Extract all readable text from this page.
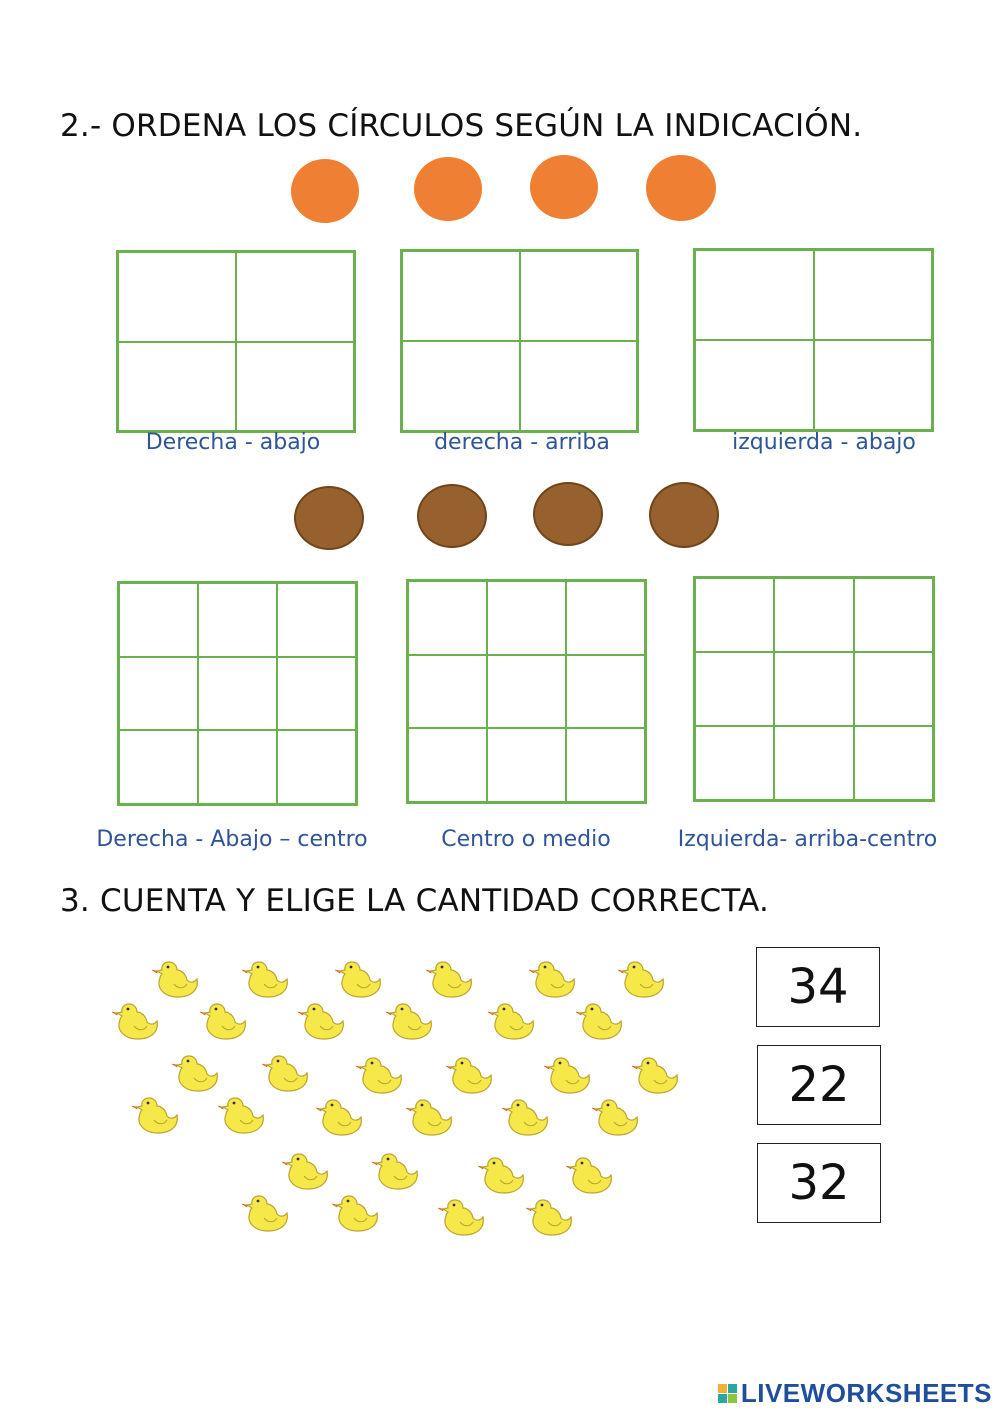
2.- ORDENA LOS CÍRCULOS SEGÚN LA INDICACIÓN.
Derecha - abajo	derecha - arriba	izquierda - abajo
Derecha - Abajo – centro	Centro o medio	Izquierda- arriba-centro
3. CUENTA Y ELIGE LA CANTIDAD CORRECTA.
34
22
32
LIVEWORKSHEETS
